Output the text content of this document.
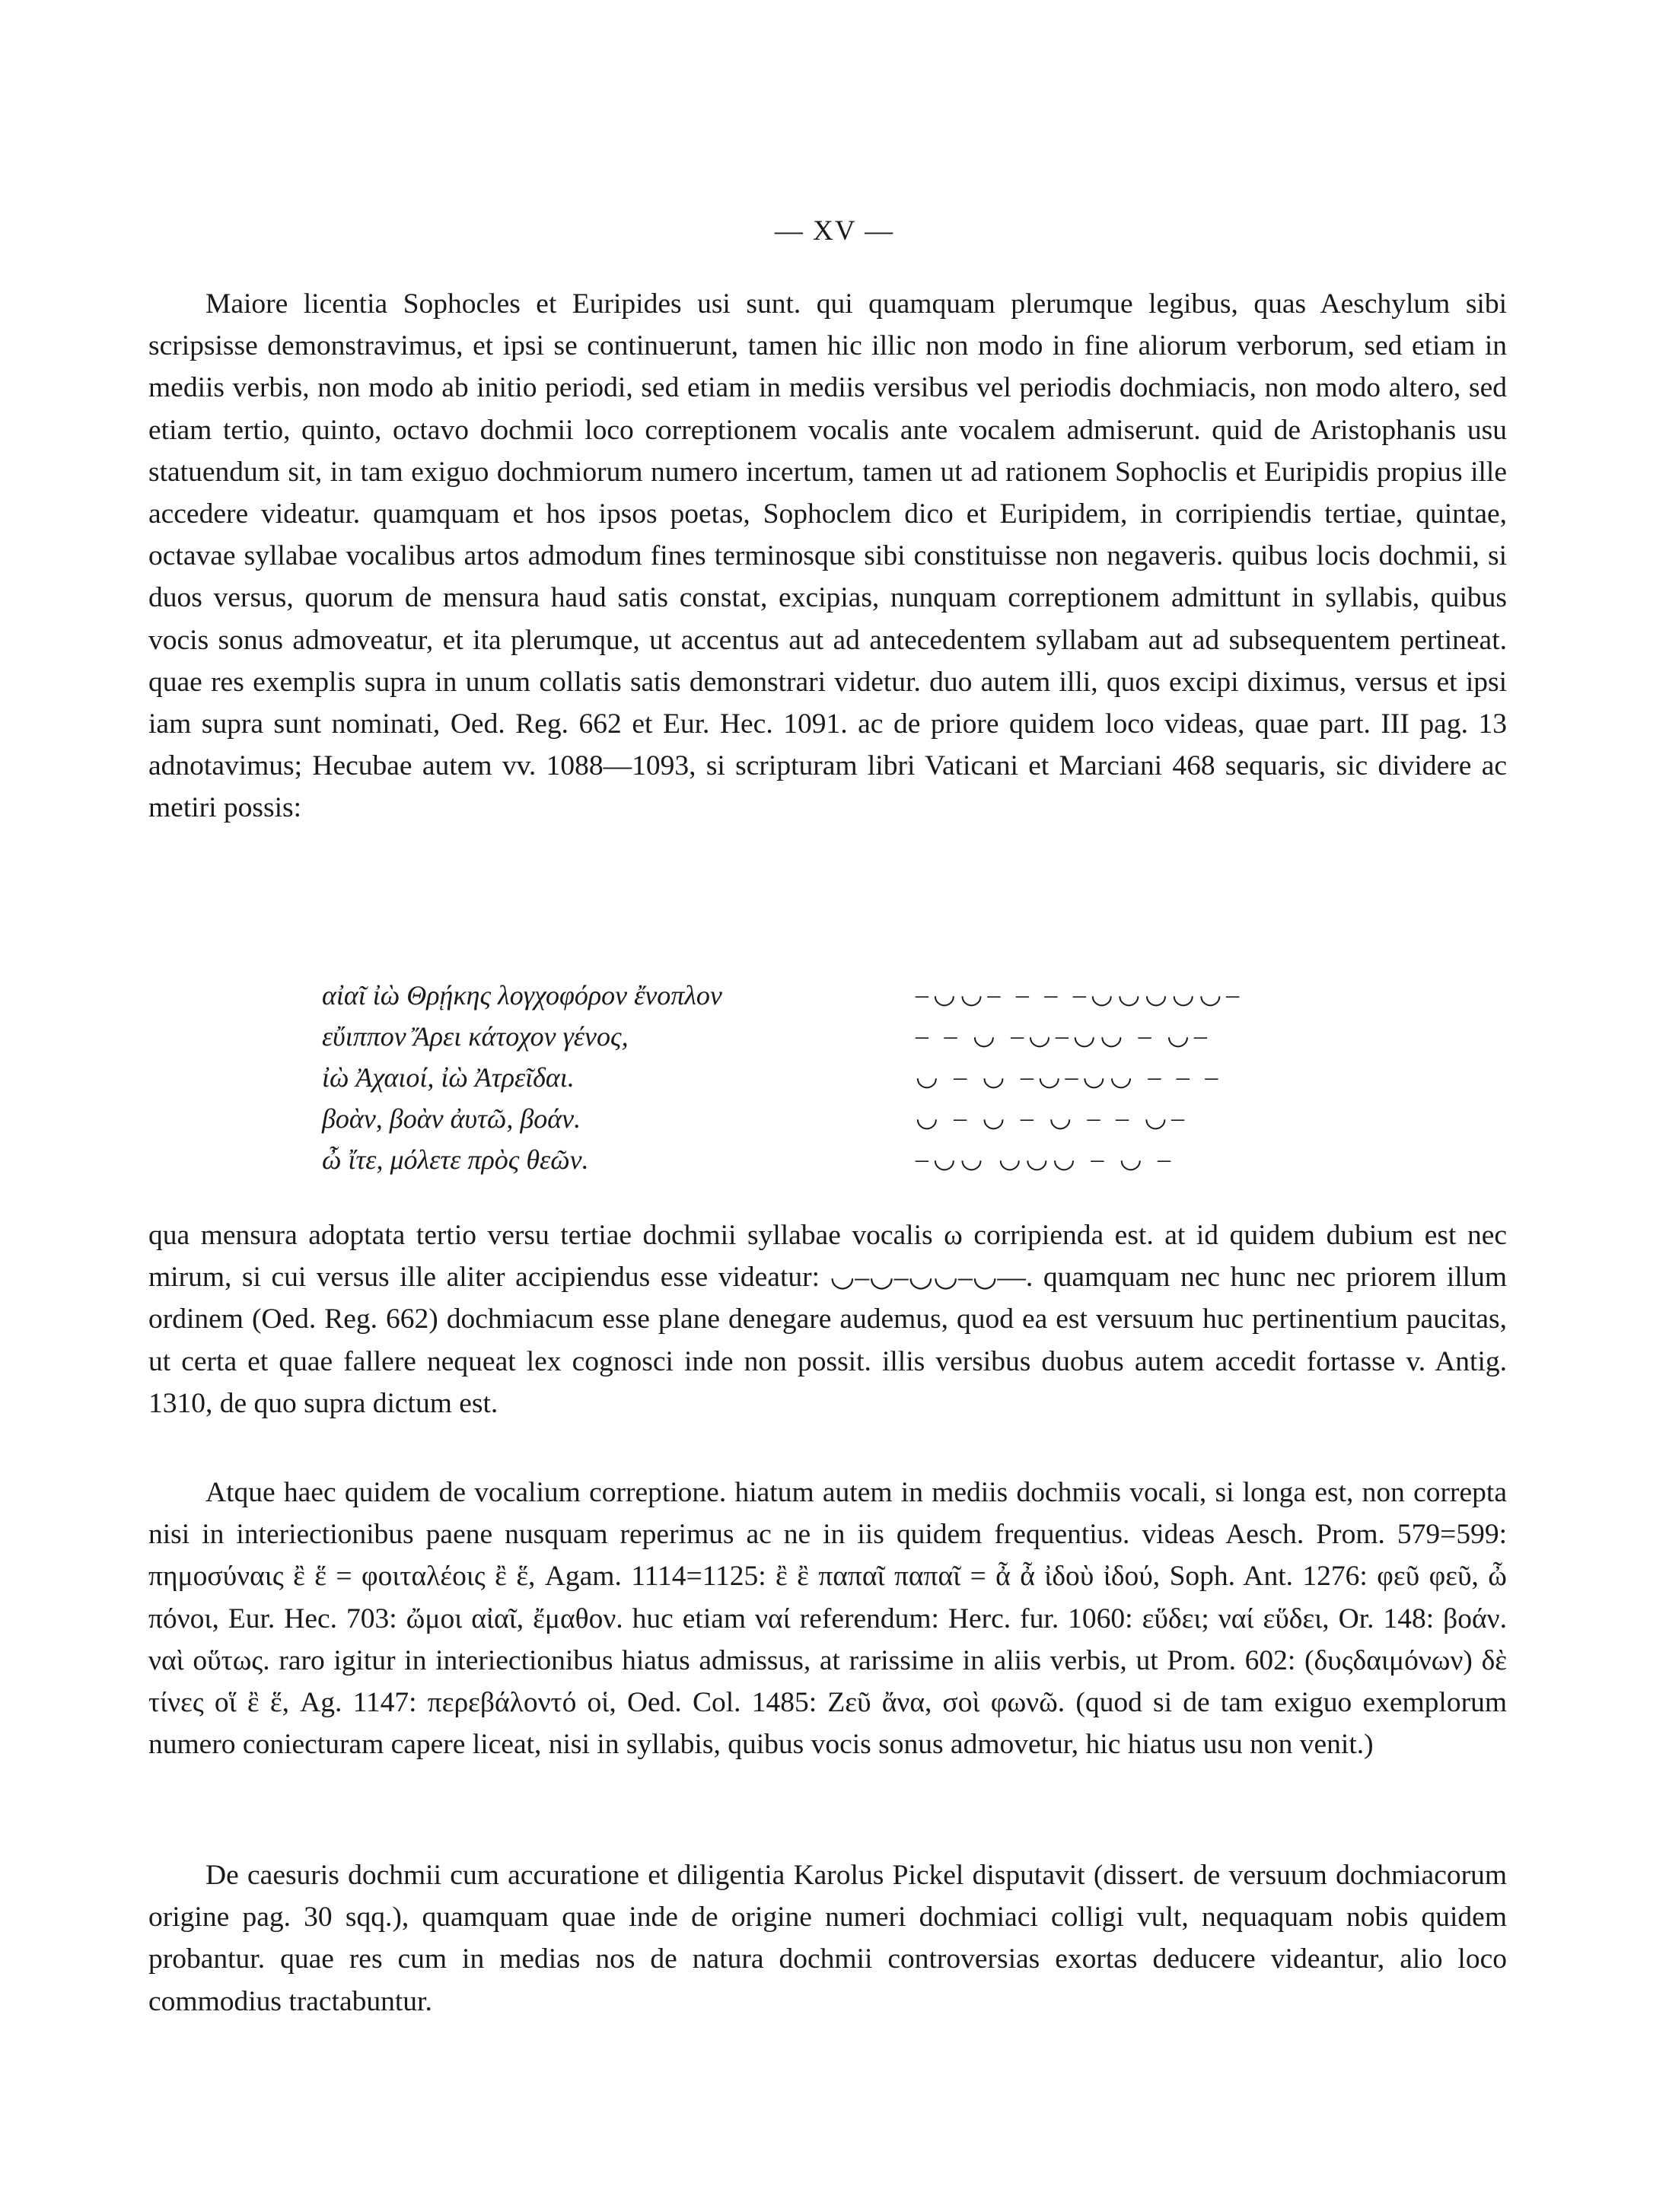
— XV —

Maiore licentia Sophocles et Euripides usi sunt. qui quamquam plerumque legibus, quas Aeschylum sibi scripsisse demonstravimus, et ipsi se continuerunt, tamen hic illic non modo in fine aliorum verborum, sed etiam in mediis verbis, non modo ab initio periodi, sed etiam in mediis versibus vel periodis dochmiacis, non modo altero, sed etiam tertio, quinto, octavo dochmii loco correptionem vocalis ante vocalem admiserunt. quid de Aristophanis usu statuendum sit, in tam exiguo dochmiorum numero incertum, tamen ut ad rationem Sophoclis et Euripidis propius ille accedere videatur. quamquam et hos ipsos poetas, Sophoclem dico et Euripidem, in corripiendis tertiae, quintae, octavae syllabae vocalibus artos admodum fines terminosque sibi constituisse non negaveris. quibus locis dochmii, si duos versus, quorum de mensura haud satis constat, excipias, nunquam correptionem admittunt in syllabis, quibus vocis sonus admoveatur, et ita plerumque, ut accentus aut ad antecedentem syllabam aut ad subsequentem pertineat. quae res exemplis supra in unum collatis satis demonstrari videtur. duo autem illi, quos excipi diximus, versus et ipsi iam supra sunt nominati, Oed. Reg. 662 et Eur. Hec. 1091. ac de priore quidem loco videas, quae part. III pag. 13 adnotavimus; Hecubae autem vv. 1088—1093, si scripturam libri Vaticani et Marciani 468 sequaris, sic dividere ac metiri possis:

αἰαῖ ἰὼ Θρῄκης λογχοφόρον ἔνοπλον	–◡◡– – – –◡◡◡◡◡–
εὔιππον Ἄρει κάτοχον γένος,	– – ◡ –◡–◡◡ – ◡–
ἰὼ Ἀχαιοί, ἰὼ Ἀτρεῖδαι.	◡ – ◡ –◡–◡◡ – – –
βοὰν, βοὰν ἀυτῶ, βοάν.	◡ – ◡ – ◡ – – ◡–
ὦ ἴτε, μόλετε πρὸς θεῶν.	–◡◡ ◡◡◡ – ◡ –

qua mensura adoptata tertio versu tertiae dochmii syllabae vocalis ω corripienda est. at id quidem dubium est nec mirum, si cui versus ille aliter accipiendus esse videatur: ◡–◡–◡◡–◡––. quamquam nec hunc nec priorem illum ordinem (Oed. Reg. 662) dochmiacum esse plane denegare audemus, quod ea est versuum huc pertinentium paucitas, ut certa et quae fallere nequeat lex cognosci inde non possit. illis versibus duobus autem accedit fortasse v. Antig. 1310, de quo supra dictum est.

Atque haec quidem de vocalium correptione. hiatum autem in mediis dochmiis vocali, si longa est, non correpta nisi in interiectionibus paene nusquam reperimus ac ne in iis quidem frequentius. videas Aesch. Prom. 579=599: πημοσύναις ἒ ἕ = φοιταλέοις ἒ ἕ, Agam. 1114=1125: ἒ ἒ παπαῖ παπαῖ = ἆ ἆ ἰδοὺ ἰδού, Soph. Ant. 1276: φεῦ φεῦ, ὦ πόνοι, Eur. Hec. 703: ὤμοι αἰαῖ, ἔμαθον. huc etiam ναί referendum: Herc. fur. 1060: εὕδει; ναί εὕδει, Or. 148: βοάν. ναὶ οὕτως. raro igitur in interiectionibus hiatus admissus, at rarissime in aliis verbis, ut Prom. 602: (δυςδαιμόνων) δὲ τίνες οἵ ἒ ἕ, Ag. 1147: περεβάλοντό οἱ, Oed. Col. 1485: Ζεῦ ἄνα, σοὶ φωνῶ. (quod si de tam exiguo exemplorum numero coniecturam capere liceat, nisi in syllabis, quibus vocis sonus admovetur, hic hiatus usu non venit.)

De caesuris dochmii cum accuratione et diligentia Karolus Pickel disputavit (dissert. de versuum dochmiacorum origine pag. 30 sqq.), quamquam quae inde de origine numeri dochmiaci colligi vult, nequaquam nobis quidem probantur. quae res cum in medias nos de natura dochmii controversias exortas deducere videantur, alio loco commodius tractabuntur.
